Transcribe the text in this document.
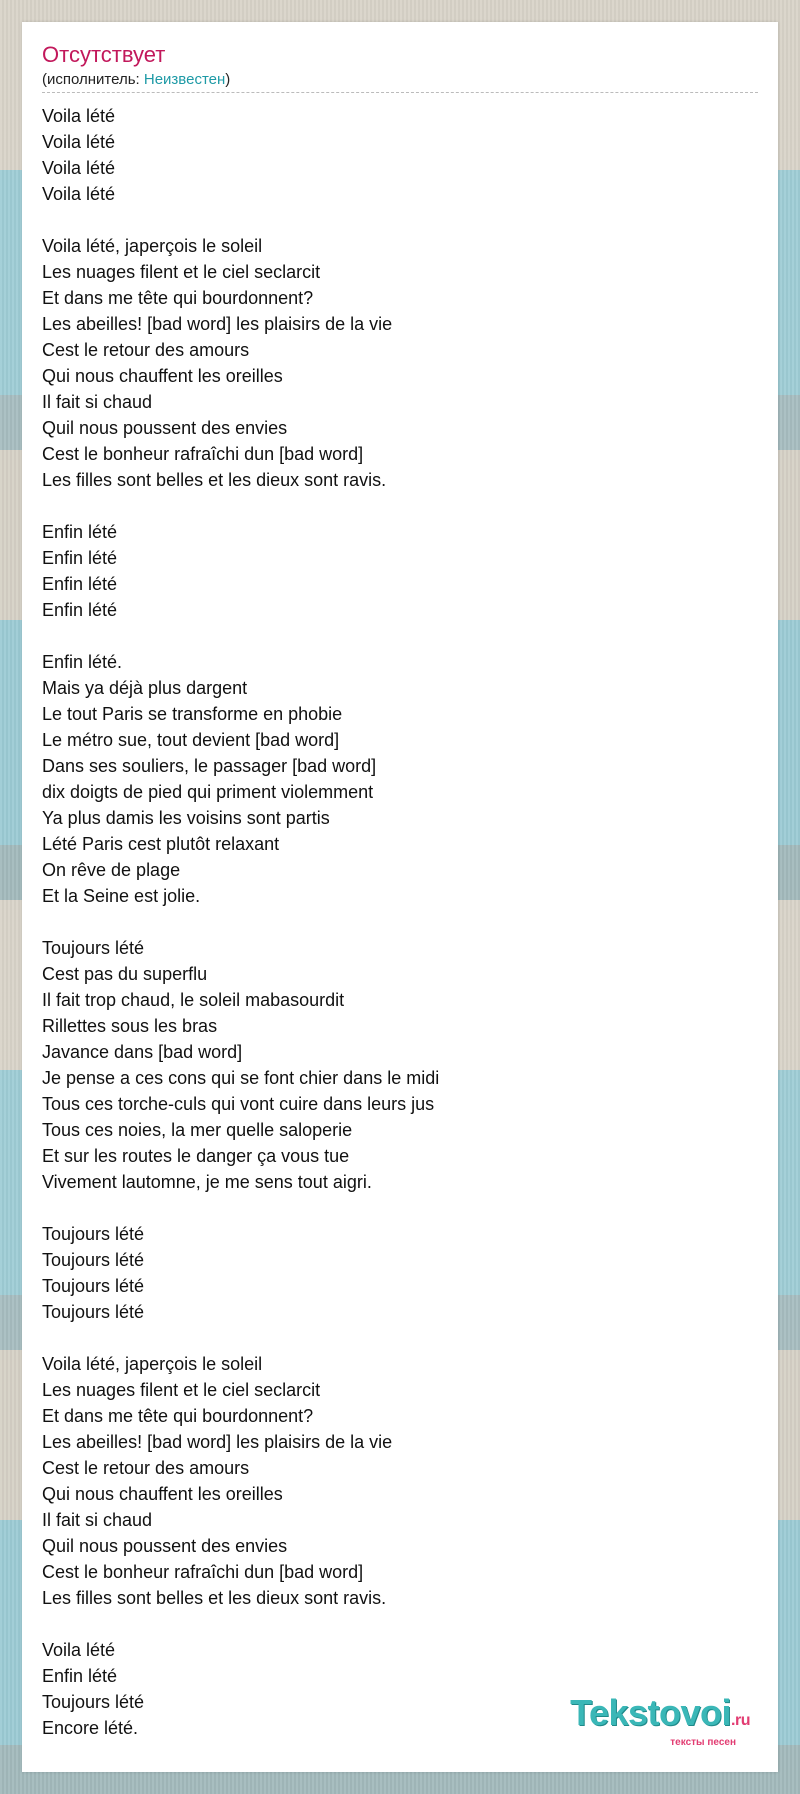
Отсутствует
(исполнитель: Неизвестен)
Voila lété
Voila lété
Voila lété
Voila lété
Voila lété, japerçois le soleil
Les nuages filent et le ciel seclarcit
Et dans me tête qui bourdonnent?
Les abeilles! [bad word] les plaisirs de la vie
Cest le retour des amours
Qui nous chauffent les oreilles
Il fait si chaud
Quil nous poussent des envies
Cest le bonheur rafraîchi dun [bad word]
Les filles sont belles et les dieux sont ravis.
Enfin lété
Enfin lété
Enfin lété
Enfin lété
Enfin lété.
Mais ya déjà plus dargent
Le tout Paris se transforme en phobie
Le métro sue, tout devient [bad word]
Dans ses souliers, le passager [bad word]
dix doigts de pied qui priment violemment
Ya plus damis les voisins sont partis
Lété Paris cest plutôt relaxant
On rêve de plage
Et la Seine est jolie.
Toujours lété
Cest pas du superflu
Il fait trop chaud, le soleil mabasourdit
Rillettes sous les bras
Javance dans [bad word]
Je pense a ces cons qui se font chier dans le midi
Tous ces torche-culs qui vont cuire dans leurs jus
Tous ces noies, la mer quelle saloperie
Et sur les routes le danger ça vous tue
Vivement lautomne, je me sens tout aigri.
Toujours lété
Toujours lété
Toujours lété
Toujours lété
Voila lété, japerçois le soleil
Les nuages filent et le ciel seclarcit
Et dans me tête qui bourdonnent?
Les abeilles! [bad word] les plaisirs de la vie
Cest le retour des amours
Qui nous chauffent les oreilles
Il fait si chaud
Quil nous poussent des envies
Cest le bonheur rafraîchi dun [bad word]
Les filles sont belles et les dieux sont ravis.
Voila lété
Enfin lété
Toujours lété
Encore lété.	Tekstovoi.ru
тексты песен
